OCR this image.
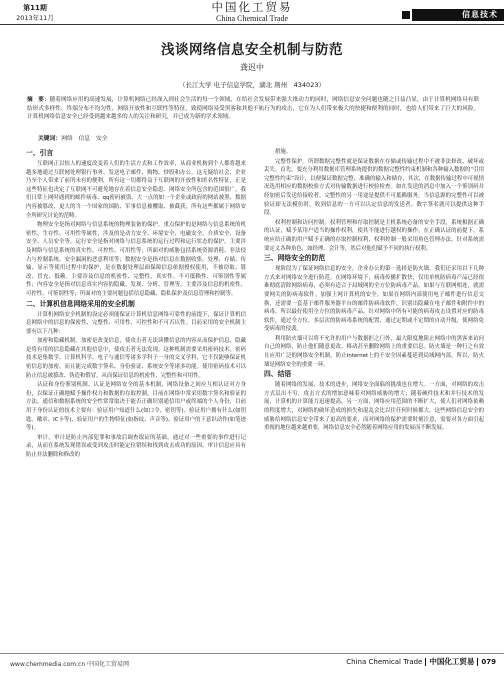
第11期
2013年11月
中国化工贸易
China Chemical Trade	信息技术
浅谈网络信息安全机制与防范
龚迟中
（长江大学 电子信息学院，湖北 荆州　434023）
摘　要：随着网络应用的高速发展，计算机网络已经深入到社会生活的每一个领域，在给社会发展带来强大推动力的同时，网络信息安全问题也随之日益凸显，由于计算机网络具有联结形式多样性、终端分布不均匀性、网络开放性和互联性等特征，致使网络易受黑客和其他不轨行为的攻击，它在为人们带来极大的快捷和便利的同时，也给人们带来了巨大的风险。计算机网络信息安全已经受到越来越多的人的关注和研究，并已成为新的学术领域。
关键词：网络　信息　安全
一、引言

互联网正以惊人的速度改变着人们的生活方式和工作效率，从商业机构到个人都将越来越多地通过互联网处理银行事务、发送电子邮件、购物、炒股和办公，这无疑给社会、企业乃至个人带来了前所未有的便利，所有这一切都得益于互联网的开放性和匿名性特征，正是这些特征也决定了互联网不可避免地存在着信息安全隐患。网络安全所包含的范围很广，我们日常上网时遇到的邮件病毒、qq密码被盗、大一点的如一个企业或政府的网站被黑、数据内容被篡改，更大的当一个国家的国防、军事信息被攫取、被截获，所有这些都属于网络安全所研究讨论的范畴。

物理安全是指对网络与信息系统的物理装备的保护。重点保护的是网络与信息系统的机密性、生存性、可用性等属性，涉及的是动力安全、环境安全、电磁安全、介质安全、设备安全、人员安全等。运行安全是指对网络与信息系统的运行过程和运行状态的保护。主要涉及网络与信息系统的真实性、可控性、可用性等；所面对的威胁包括系统资源消耗、非法侵占与控制系统、安全漏洞的恶意利用等；数据安全是指对信息在数据收集、处理、存储、传输、显示等使用过程中的保护，是在数据处理层面保障信息依据授权使用，不被窃取、篡改、冒充、抵赖。主要涉及信息的机密性、完整性、真实性、不可抵赖性、可鉴别性等属性；内容安全是指对信息真实内容的隐藏、发现、分析、管理等。主要涉及信息的机密性、可控性、可鉴别性等；所面对的主要问题包括信息隐藏、隐私保护及信息管理和控制等。

二、计算机信息网络采用的安全机制

计算机网络安全机制的设定必须能保证计算机信息网络可靠性的前提下，保证计算机信息网络中的信息的保密性、完整性、可用性、可控性和不可否认性。目前采用的安全机制主要有以下几种：

加密和隐藏机制。加密是改变信息，使攻击者无法读懂信息的内容从而保护信息，隐藏是将有用的信息隐藏在其他信息中，使攻击者无法发现。这种机制需要采用密码技术。密码技术是集数学、计算机科学、电子与通信等诸多学科于一身的交叉学科，它不仅能够保证机密信息的加密，而且能完成数字签名、身份验证、系统安全等诸多功能。使用密码技术可以防止信息被篡改、伪造和假冒，从而保证信息的机密性、完整性和可用性。

认证和身份鉴别机制。认证是网络安全的基本机制，网络设备之间应互相认证对方身份，以保证正确地赋予操作权力和数据的存取控制。目前在网络中常采用数字签名和验证的方法，通信和数据系统的安全性常常取决于能否正确识别通信用户或终端的个人身份，目前用于身份认证的技术主要有：验证用户知道什么(如口令、密钥等)、验证用户拥有什么(如钥匙、徽章、IC卡等)、验证用户的生物特征(如指纹、声音等)、验证用户的下意识动作(如笔迹等)。

审计。审计是防止内部犯罪和事故后调查取证的基础，通过对一些重要的事件进行记录，从而在系统发现错误或受到攻击时能定位错误和找到攻击成功的原因。审计信息应具有防止非法删除和修改的

措施。

完整性保护。所谓数据完整性就是保证数据在存储或传输过程中不被非法修改、破坏或丢失。首先，要充分利用数据库管理系统提供的数据完整性约束机制和各种输入数据的“引用完整性约束”设计，以便保证数据完整、准确的输入和储存，其次，在数据传输过程中可视情况选用相应的数据校验方式对传输数据进行校验检查。如在发送的消息中加入一个鉴别码并经加密后发送给接收者。完整性的另一用途是提供不可抵赖服务，当信息源的完整性可以被验证却无法模仿时，收到信息的一方可以认定信息的发送者。数字签名就可以提供这种手段。

权利控制和访问控制。权利管理和存取控制是主机系统必备的安全手段，系统根据正确的认证，赋予某用户适当的操作权利，使其不能进行越权的操作。在正确认证的前提下，系统应给正确的用户赋予正确的存取控制权利，权利控制一般采用角色管理办法，针对系统需要定义各种角色，如经理、会计等，然后对他们赋予不同的执行权利。

三、网络安全的防范

现阶段为了保证网络信息的安全，企业办公的第一选择是防火墙，我们还采用以下几种方式来对网络安全进行防范。在网络环境下，病毒传播扩散快，仅用单机防病毒产品已经很难彻底清除网络病毒，必须有适合于局域网的全方位防病毒产品。如果与互联网相连，就需要网关的防病毒软件。加强上网计算机的安全。如果在网络内部使用电子邮件进行信息交换，还需要一套基于邮件服务器平台的邮件防病毒软件，识别出隐藏在电子邮件和附件中的病毒。所以最好使用全方位的防病毒产品，针对网络中所有可能的病毒攻击设置对应的防毒软件，通过全方位、多层次的防病毒系统的配置，通过定期或不定期的自动升级，使网络免受病毒的侵袭。

利用防火墙可以将不允许的用户与数据拒之门外，最大限度地阻止网络中的黑客来访问自己的网络，防止他们随意更改、移动甚至删除网络上的重要信息。防火墙是一种行之有效且应用广泛的网络安全机制，防止Internet上的不安全因素蔓延到局域网内部，所以，防火墙是网络安全的重要一环。

四、结语

随着网络的发展，技术的进步，网络安全面临的挑战也在增大。一方面，对网络的攻击方式层出不穷，攻击方式的增加意味着对网络威胁的增大；随着硬件技术和并行技术的发展，计算机的计算能力迅速提高，另一方面，网络应用范围的不断扩大，使人们对网络依赖的程度增大，对网络的破坏造成的损失和混乱会比以往任何时候都大。这些网络信息安全的威胁给网络信息安全带来了更高的要求，而对网络的保护需要时刻注意，需要对各方面引起重视的地位越来越重要，网络信息安全必然随着网络应用的发展而不断发展。

www.chemmedia.com.cn 中国化工贸易网	China Chemical Trade 中国化工贸易 079
